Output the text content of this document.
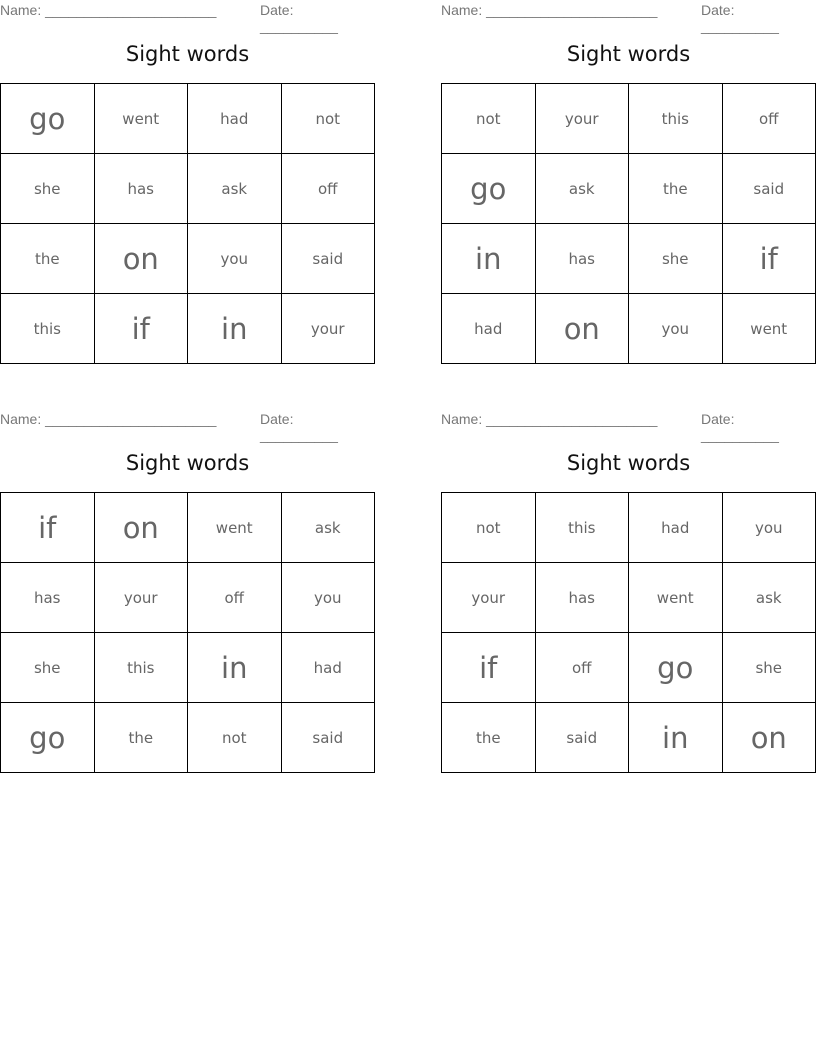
Name: ______________________	Date: __________
Sight words
go	went	had	not
she	has	ask	off
the	on	you	said
this	if	in	your
Name: ______________________	Date: __________
Sight words
not	your	this	off
go	ask	the	said
in	has	she	if
had	on	you	went
Name: ______________________	Date: __________
Sight words
if	on	went	ask
has	your	off	you
she	this	in	had
go	the	not	said
Name: ______________________	Date: __________
Sight words
not	this	had	you
your	has	went	ask
if	off	go	she
the	said	in	on
